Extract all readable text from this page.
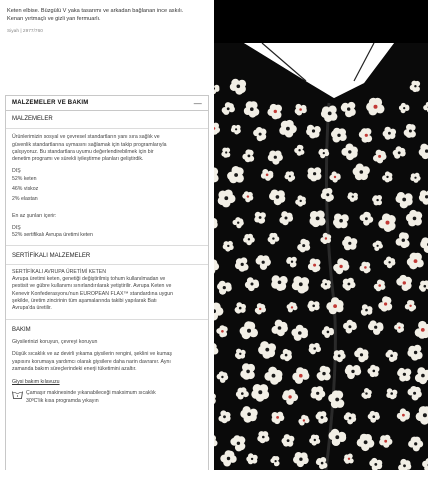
Keten elbise. Büzgülü V yaka tasarımı ve arkadan bağlanan ince askılı.
Kenarı yırtmaçlı ve gizli yan fermuarlı.
Siyah | 2977/760
MALZEMELER VE BAKIM	—
MALZEMELER
Ürünlerimizin sosyal ve çevresel standartların yanı sıra sağlık ve
güvenlik standartlarına uymasını sağlamak için takip programlarıyla
çalışıyoruz. Bu standartlara uyumu değerlendirebilmek için bir
denetim programı ve sürekli iyileştirme planları geliştirdik.
DIŞ
52% keten
46% viskoz
2% elastan
En az şunları içerir:
DIŞ
52% sertifikalı Avrupa üretimi keten
SERTİFİKALI MALZEMELER
SERTİFİKALI AVRUPA ÜRETİMİ KETEN
Avrupa üretimi keten, genetiği değiştirilmiş tohum kullanılmadan ve
pestisit ve gübre kullanımı sınırlandırılarak yetiştirilir. Avrupa Keten ve
Kenevir Konfederasyonu'nun EUROPEAN FLAX™ standardına uygun
şekilde, üretim zincirinin tüm aşamalarında takibi yapılarak Batı
Avrupa'da üretilir.
BAKIM
Giysilerinizi koruyun, çevreyi koruyun
Düşük sıcaklık ve az devirli yıkama giysilerin rengini, şeklini ve kumaş
yapısını korumaya yardımcı olarak giysilere daha narin davranır. Aynı
zamanda bakım süreçlerindeki enerji tüketimini azaltır.
Giysi bakım kılavuzu
Çamaşır makinesinde yıkanabileceği maksimum sıcaklık
30ºC'lik kısa programda yıkayın
